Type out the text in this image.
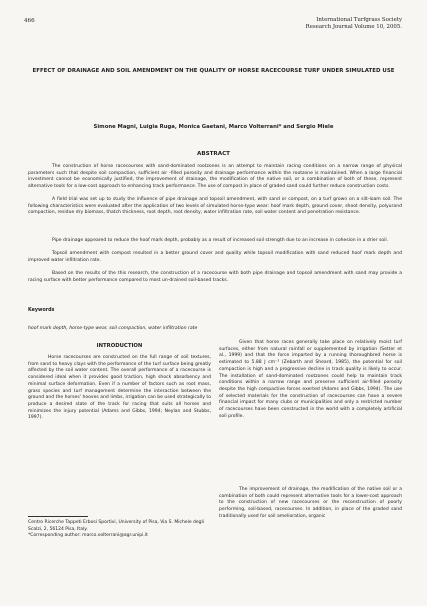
466	International Turfgrass Society
Research Journal Volume 10, 2005.
EFFECT OF DRAINAGE AND SOIL AMENDMENT ON THE QUALITY OF HORSE RACECOURSE TURF UNDER SIMULATED USE
Simone Magni, Luigia Ruga, Monica Gaetani, Marco Volterrani* and Sergio Miele
ABSTRACT

The construction of horse racecourses with sand-dominated rootzones is an attempt to maintain racing conditions on a narrow range of physical parameters such that despite soil compaction, sufficient air -filled porosity and drainage performance within the rootzone is maintained. When a large financial investment cannot be economically justified, the improvement of drainage, the modification of the native soil, or a combination of both of these, represent alternative tools for a low-cost approach to enhancing track performance. The use of compost in place of graded sand could further reduce construction costs.

A field trial was set up to study the influence of pipe drainage and topsoil amendment, with sand or compost, on a turf grown on a silt-loam soil. The following characteristics were evaluated after the application of two levels of simulated horse-type wear: hoof mark depth, ground cover, shoot density, polyurand compaction, residue dry biomass, thatch thickness, root depth, root density, water infiltration rate, soil water content and penetration resistance.

Pipe drainage appeared to reduce the hoof mark depth, probably as a result of increased soil strength due to an increase in cohesion in a drier soil.

Topsoil amendment with compost resulted in a better ground cover and quality while topsoil modification with sand reduced hoof mark depth and improved water infiltration rate.

Based on the results of the this research, the construction of a racecourse with both pipe drainage and topsoil amendment with sand may provide a racing surface with better performance compared to most un-drained soil-based tracks.

Keywords
hoof mark depth, horse-type wear, soil compaction, water infiltration rate
INTRODUCTION

Horse racecourses are constructed on the full range of soil textures, from sand to heavy clays with the performance of the turf surface being greatly affected by the soil water content. The overall performance of a racecourse is considered ideal when it provides good traction, high shock absorbency and minimal surface deformation. Even if a number of factors such as root mass, grass species and turf management determine the interaction between the ground and the horses' hooves and limbs, irrigation can be used strategically to produce a desired state of the track for racing that suits all horses and minimizes the injury potential (Adams and Gibbs, 1994; Neylan and Stubbs, 1997).

Given that horse races generally take place on relatively moist turf surfaces, either from natural rainfall or supplemented by irrigation (Setter et al., 1999) and that the force imparted by a running thoroughbred horse is estimated to 5.88 J cm⁻² (Zebarth and Sheard, 1985), the potential for soil compaction is high and a progressive decline in track quality is likely to occur. The installation of sand-dominated rootzones could help to maintain track conditions within a narrow range and preserve sufficient air-filled porosity despite the high compactive forces exerted (Adams and Gibbs, 1994). The use of selected materials for the construction of racecourses can have a severe financial impact for many clubs or municipalities and only a restricted number of racecourses have been constructed in the world with a completely artificial soil profile.

The improvement of drainage, the modification of the native soil or a combination of both could represent alternative tools for a lower-cost approach to the construction of new racecourses or the reconstruction of poorly performing, soil-based, racecourses. In addition, in place of the graded sand traditionally used for soil amelioration, organic

Centro Ricerche Tappeti Erbosi Sportivi, University of Pisa, Via S. Michele degli Scalzi, 2, 56124 Pisa, Italy.
*Corresponding author: marco.volterrani@agr.unipi.it
